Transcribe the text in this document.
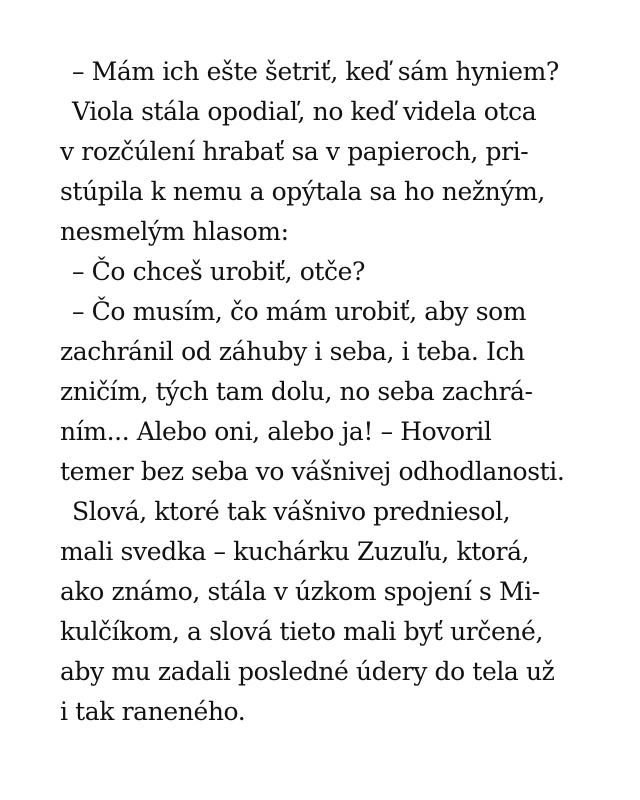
– Mám ich ešte šetriť, keď sám hyniem?
Viola stála opodiaľ, no keď videla otca
v rozčúlení hrabať sa v papieroch, pri-
stúpila k nemu a opýtala sa ho nežným,
nesmelým hlasom:
– Čo chceš urobiť, otče?
– Čo musím, čo mám urobiť, aby som
zachránil od záhuby i seba, i teba. Ich
zničím, tých tam dolu, no seba zachrá-
ním... Alebo oni, alebo ja! – Hovoril
temer bez seba vo vášnivej odhodlanosti.
Slová, ktoré tak vášnivo predniesol,
mali svedka – kuchárku Zuzuľu, ktorá,
ako známo, stála v úzkom spojení s Mi-
kulčíkom, a slová tieto mali byť určené,
aby mu zadali posledné údery do tela už
i tak raneného.
